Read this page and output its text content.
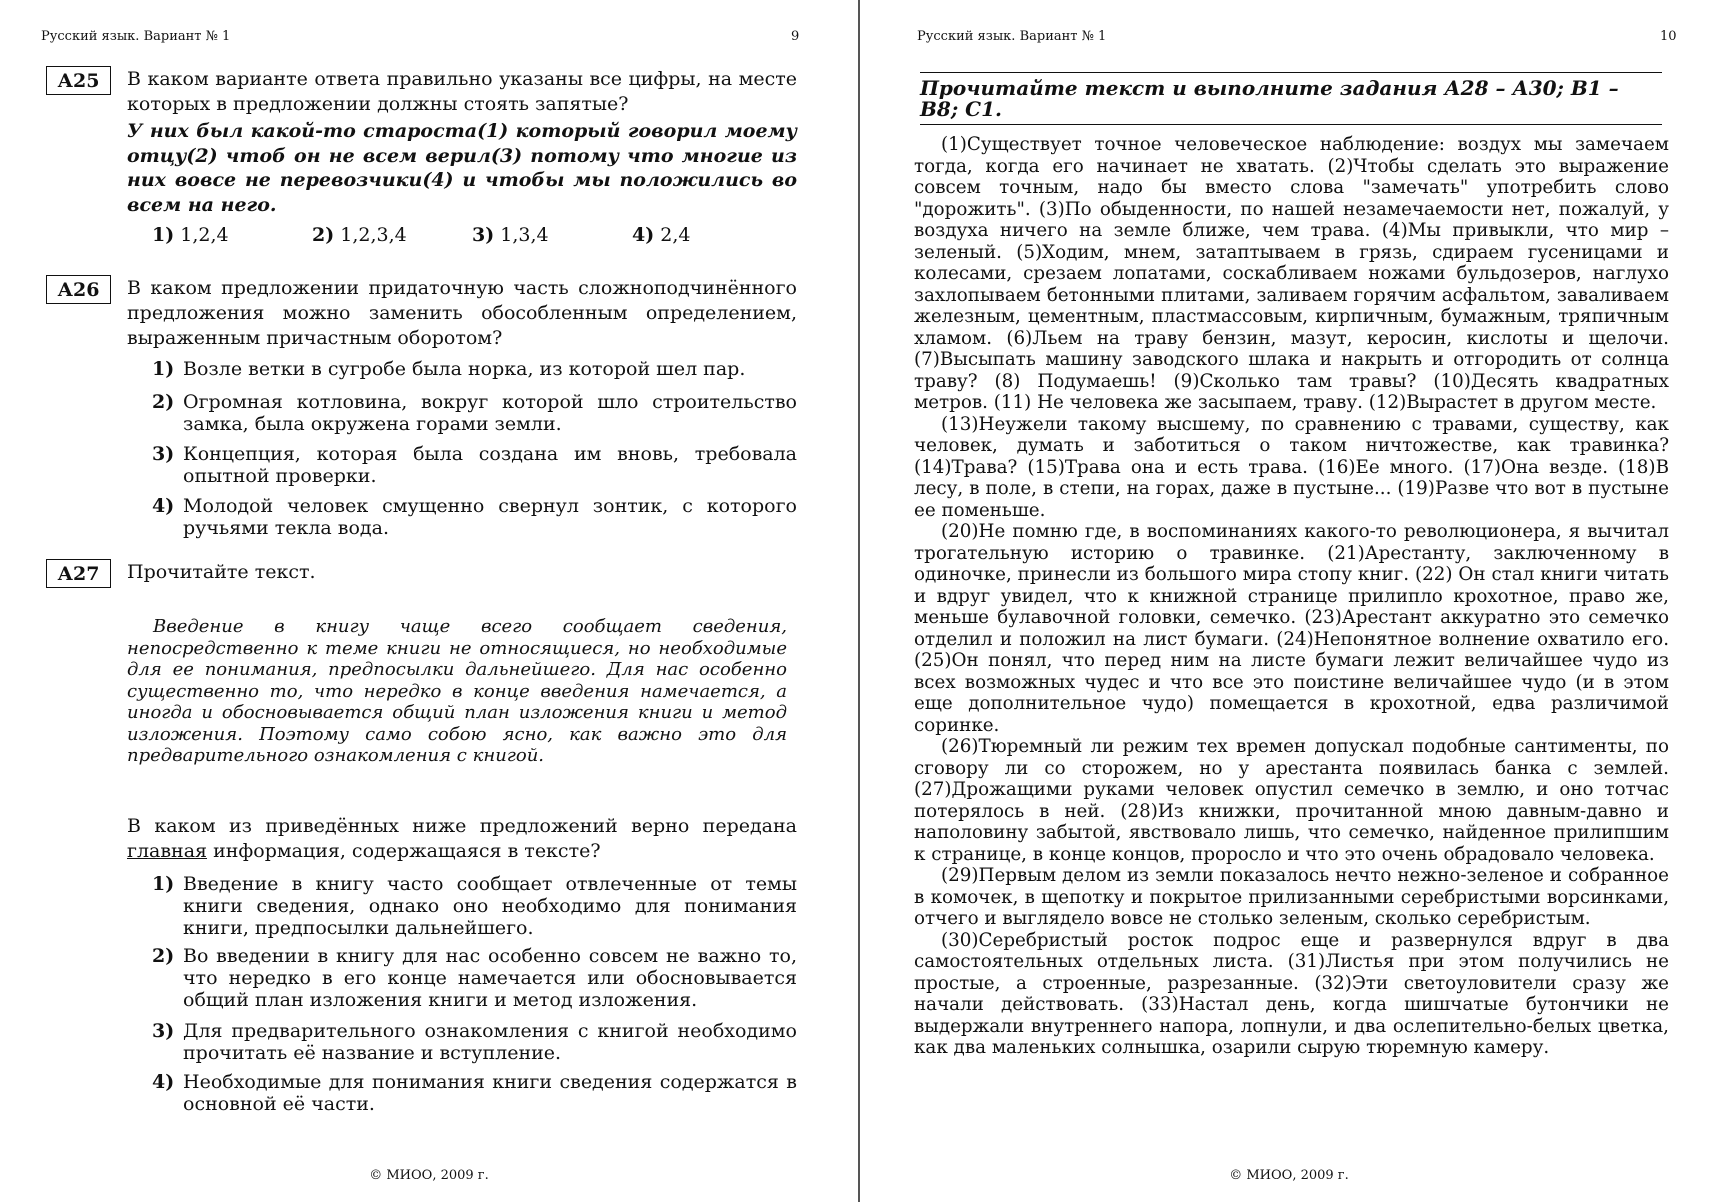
Русский язык. Вариант № 1	9
А25	В каком варианте ответа правильно указаны все цифры, на месте которых в предложении должны стоять запятые?
У них был какой-то староста(1) который говорил моему отцу(2) чтоб он не всем верил(3) потому что многие из них вовсе не перевозчики(4) и чтобы мы положились во всем на него.
1) 1,2,4	2) 1,2,3,4	3) 1,3,4	4) 2,4
А26	В каком предложении придаточную часть сложноподчинённого предложения можно заменить обособленным определением, выраженным причастным оборотом?
1) Возле ветки в сугробе была норка, из которой шел пар.
2) Огромная котловина, вокруг которой шло строительство замка, была окружена горами земли.
3) Концепция, которая была создана им вновь, требовала опытной проверки.
4) Молодой человек смущенно свернул зонтик, с которого ручьями текла вода.
А27	Прочитайте текст.
Введение в книгу чаще всего сообщает сведения, непосредственно к теме книги не относящиеся, но необходимые для ее понимания, предпосылки дальнейшего. Для нас особенно существенно то, что нередко в конце введения намечается, а иногда и обосновывается общий план изложения книги и метод изложения. Поэтому само собою ясно, как важно это для предварительного ознакомления с книгой.
В каком из приведённых ниже предложений верно передана главная информация, содержащаяся в тексте?
1) Введение в книгу часто сообщает отвлеченные от темы книги сведения, однако оно необходимо для понимания книги, предпосылки дальнейшего.
2) Во введении в книгу для нас особенно совсем не важно то, что нередко в его конце намечается или обосновывается общий план изложения книги и метод изложения.
3) Для предварительного ознакомления с книгой необходимо прочитать её название и вступление.
4) Необходимые для понимания книги сведения содержатся в основной её части.
© МИОО, 2009 г.
Русский язык. Вариант № 1	10
Прочитайте текст и выполните задания А28 – А30; В1 – В8; С1.

(1)Существует точное человеческое наблюдение: воздух мы замечаем тогда, когда его начинает не хватать. (2)Чтобы сделать это выражение совсем точным, надо бы вместо слова "замечать" употребить слово "дорожить". (3)По обыденности, по нашей незамечаемости нет, пожалуй, у воздуха ничего на земле ближе, чем трава. (4)Мы привыкли, что мир – зеленый. (5)Ходим, мнем, затаптываем в грязь, сдираем гусеницами и колесами, срезаем лопатами, соскабливаем ножами бульдозеров, наглухо захлопываем бетонными плитами, заливаем горячим асфальтом, заваливаем железным, цементным, пластмассовым, кирпичным, бумажным, тряпичным хламом. (6)Льем на траву бензин, мазут, керосин, кислоты и щелочи. (7)Высыпать машину заводского шлака и накрыть и отгородить от солнца траву? (8) Подумаешь! (9)Сколько там травы? (10)Десять квадратных метров. (11) Не человека же засыпаем, траву. (12)Вырастет в другом месте.

(13)Неужели такому высшему, по сравнению с травами, существу, как человек, думать и заботиться о таком ничтожестве, как травинка? (14)Трава? (15)Трава она и есть трава. (16)Ее много. (17)Она везде. (18)В лесу, в поле, в степи, на горах, даже в пустыне... (19)Разве что вот в пустыне ее поменьше.

(20)Не помню где, в воспоминаниях какого-то революционера, я вычитал трогательную историю о травинке. (21)Арестанту, заключенному в одиночке, принесли из большого мира стопу книг. (22) Он стал книги читать и вдруг увидел, что к книжной странице прилипло крохотное, право же, меньше булавочной головки, семечко. (23)Арестант аккуратно это семечко отделил и положил на лист бумаги. (24)Непонятное волнение охватило его. (25)Он понял, что перед ним на листе бумаги лежит величайшее чудо из всех возможных чудес и что все это поистине величайшее чудо (и в этом еще дополнительное чудо) помещается в крохотной, едва различимой соринке.

(26)Тюремный ли режим тех времен допускал подобные сантименты, по сговору ли со сторожем, но у арестанта появилась банка с землей. (27)Дрожащими руками человек опустил семечко в землю, и оно тотчас потерялось в ней. (28)Из книжки, прочитанной мною давным-давно и наполовину забытой, явствовало лишь, что семечко, найденное прилипшим к странице, в конце концов, проросло и что это очень обрадовало человека.

(29)Первым делом из земли показалось нечто нежно-зеленое и собранное в комочек, в щепотку и покрытое прилизанными серебристыми ворсинками, отчего и выглядело вовсе не столько зеленым, сколько серебристым.

(30)Серебристый росток подрос еще и развернулся вдруг в два самостоятельных отдельных листа. (31)Листья при этом получились не простые, а строенные, разрезанные. (32)Эти светоуловители сразу же начали действовать. (33)Настал день, когда шишчатые бутончики не выдержали внутреннего напора, лопнули, и два ослепительно-белых цветка, как два маленьких солнышка, озарили сырую тюремную камеру.

© МИОО, 2009 г.
